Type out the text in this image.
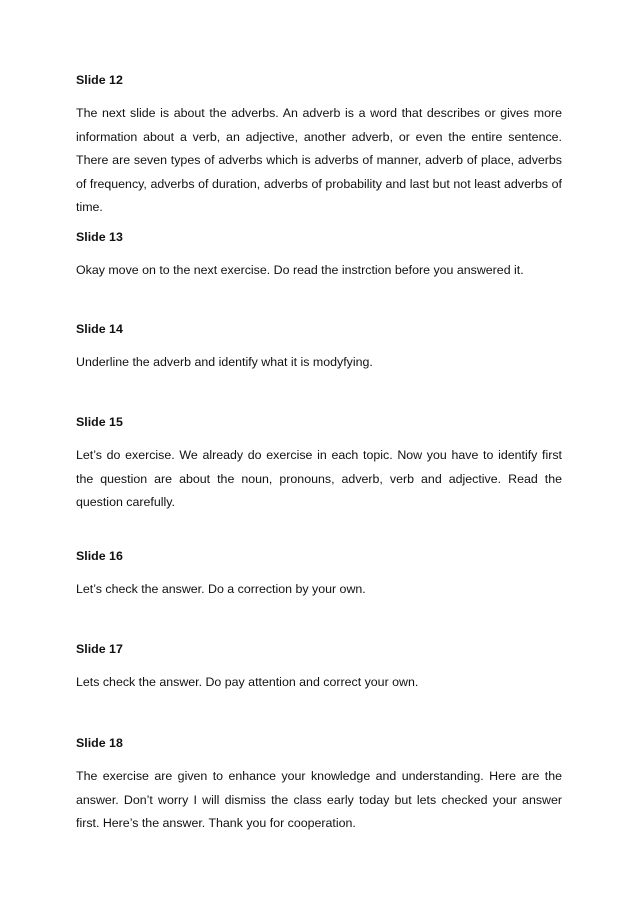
Slide 12

The next slide is about the adverbs. An adverb is a word that describes or gives more information about a verb, an adjective, another adverb, or even the entire sentence. There are seven types of adverbs which is adverbs of manner, adverb of place, adverbs of frequency, adverbs of duration, adverbs of probability and last but not least adverbs of time.

Slide 13

Okay move on to the next exercise. Do read the instrction before you answered it.

Slide 14

Underline the adverb and identify what it is modyfying.

Slide 15

Let’s do exercise. We already do exercise in each topic. Now you have to identify first the question are about the noun, pronouns, adverb, verb and adjective. Read the question carefully.

Slide 16

Let’s check the answer. Do a correction by your own.

Slide 17

Lets check the answer. Do pay attention and correct your own.

Slide 18

The exercise are given to enhance your knowledge and understanding. Here are the answer. Don’t worry I will dismiss the class early today but lets checked your answer first. Here’s the answer. Thank you for cooperation.
